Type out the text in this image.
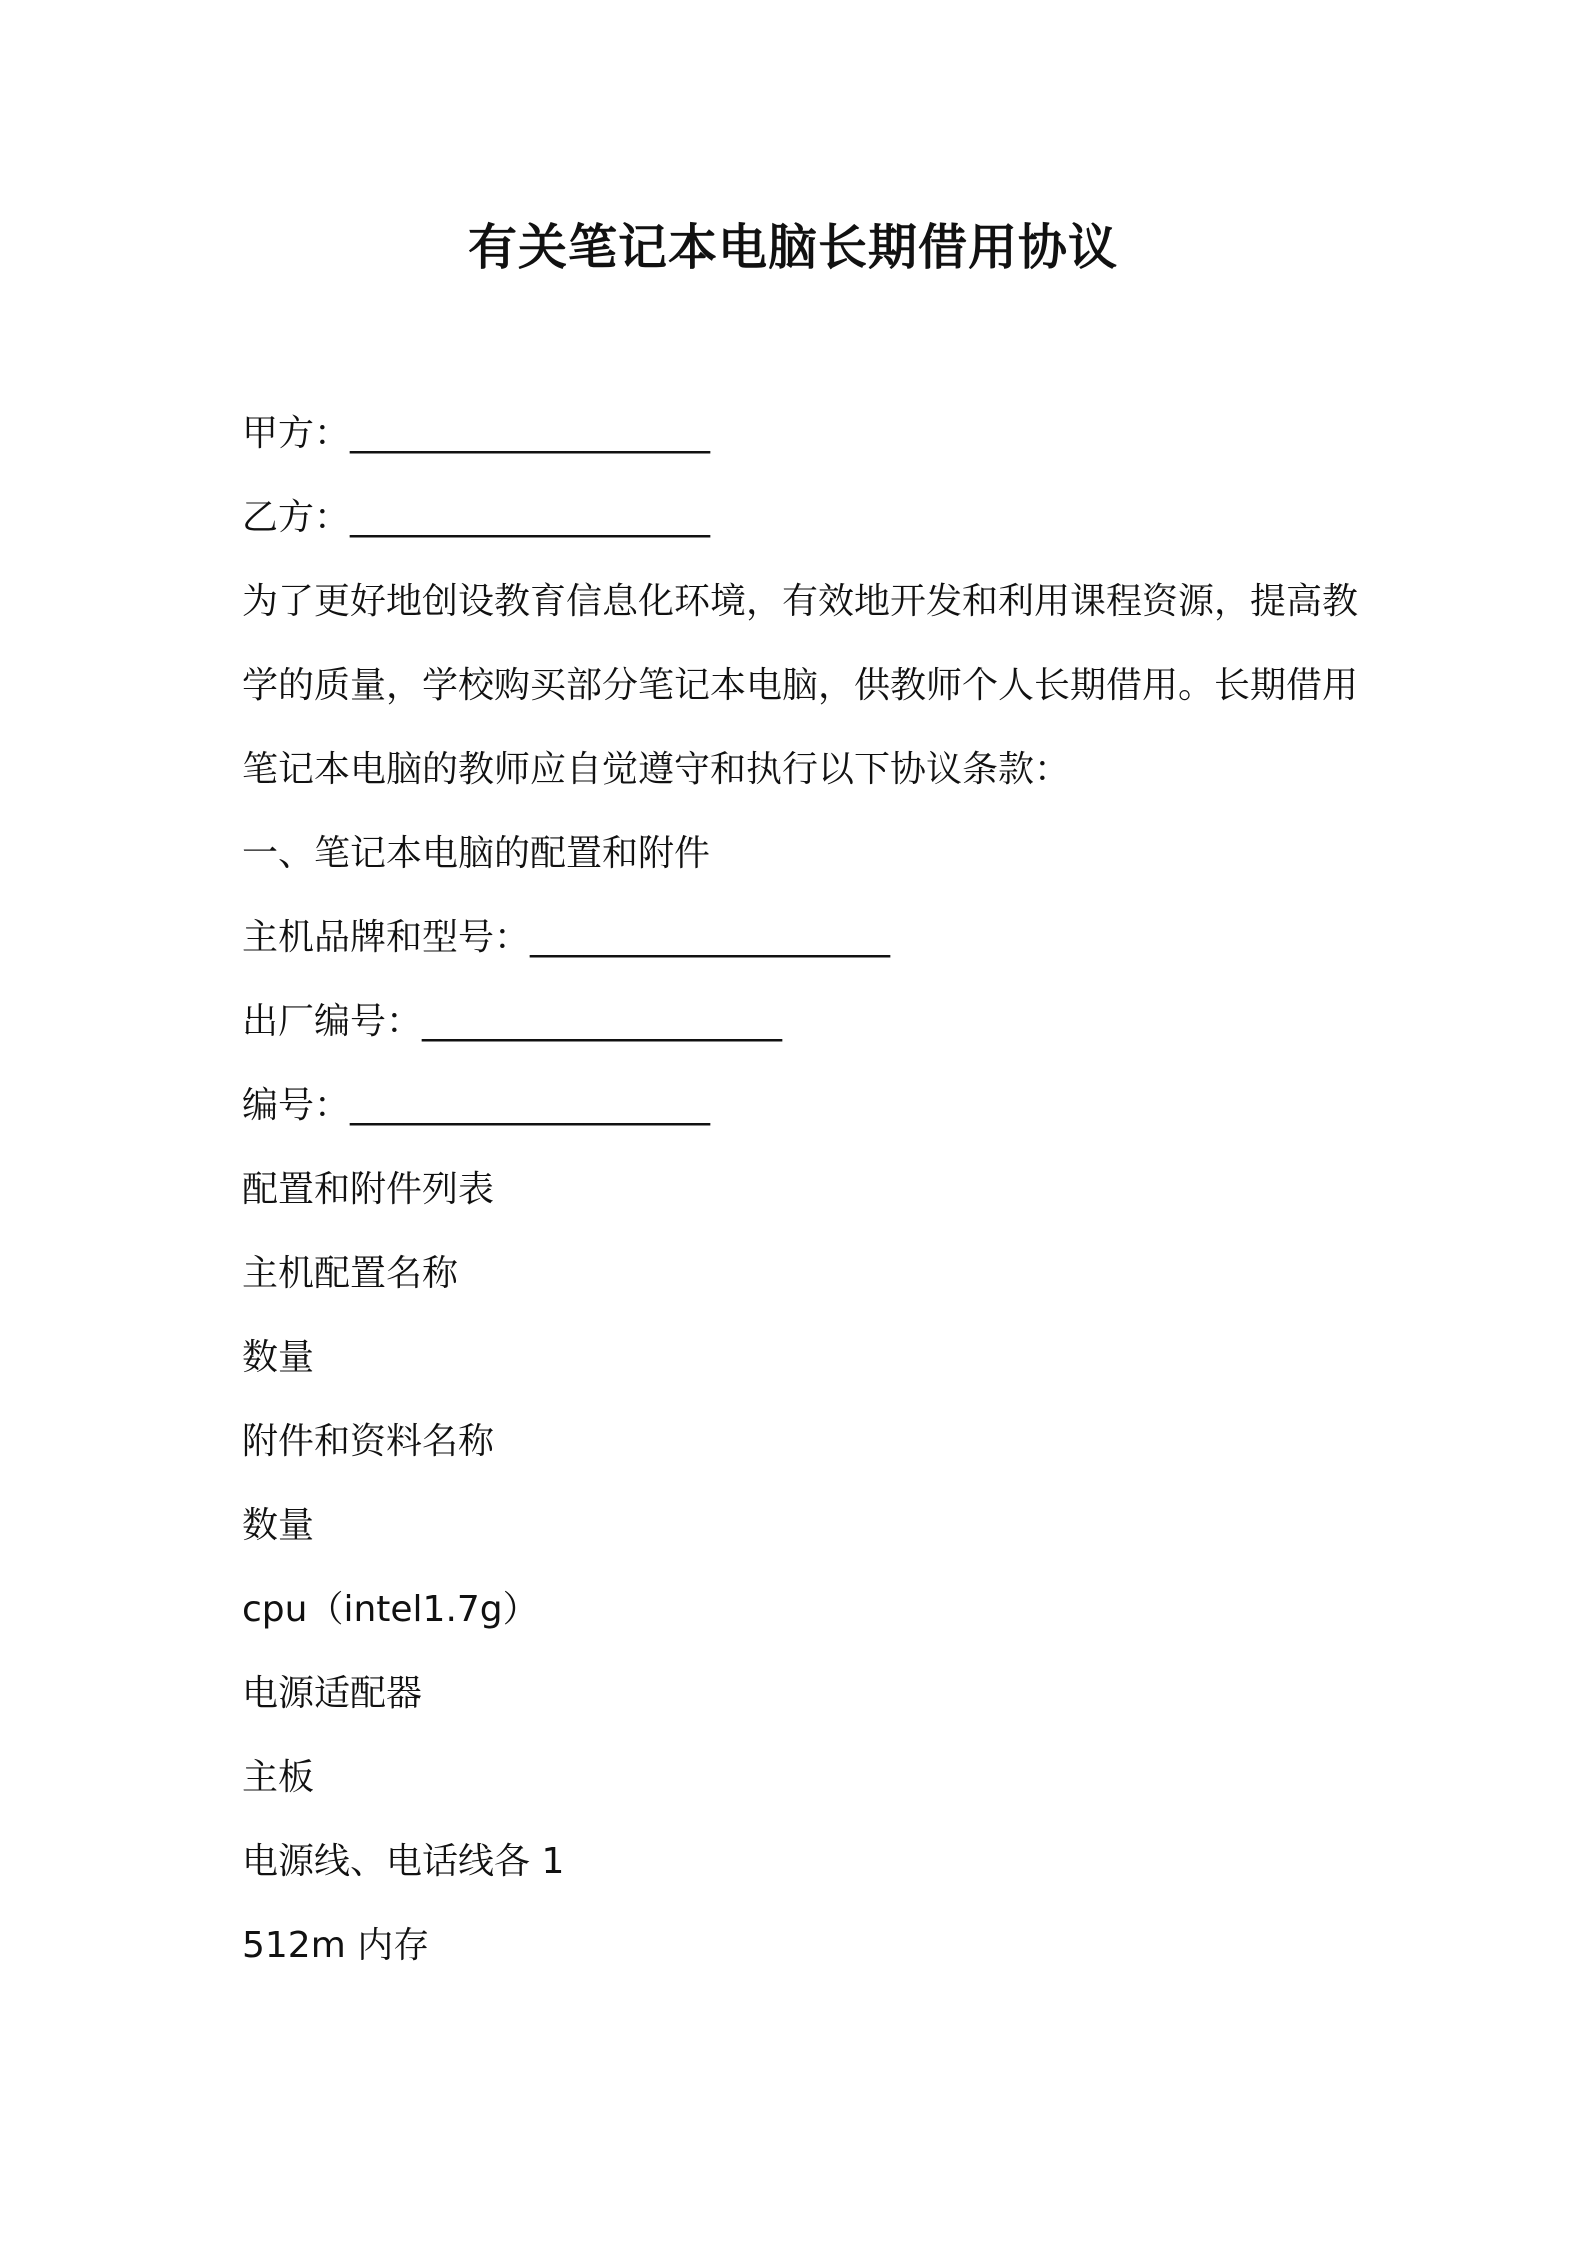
有关笔记本电脑长期借用协议
甲方：____________________
乙方：____________________
为了更好地创设教育信息化环境，有效地开发和利用课程资源，提高教学的质量，学校购买部分笔记本电脑，供教师个人长期借用。长期借用笔记本电脑的教师应自觉遵守和执行以下协议条款：
一、笔记本电脑的配置和附件
主机品牌和型号：____________________
出厂编号：____________________
编号：____________________
配置和附件列表
主机配置名称
数量
附件和资料名称
数量
cpu（intel1.7g）
电源适配器
主板
电源线、电话线各 1
512m 内存
